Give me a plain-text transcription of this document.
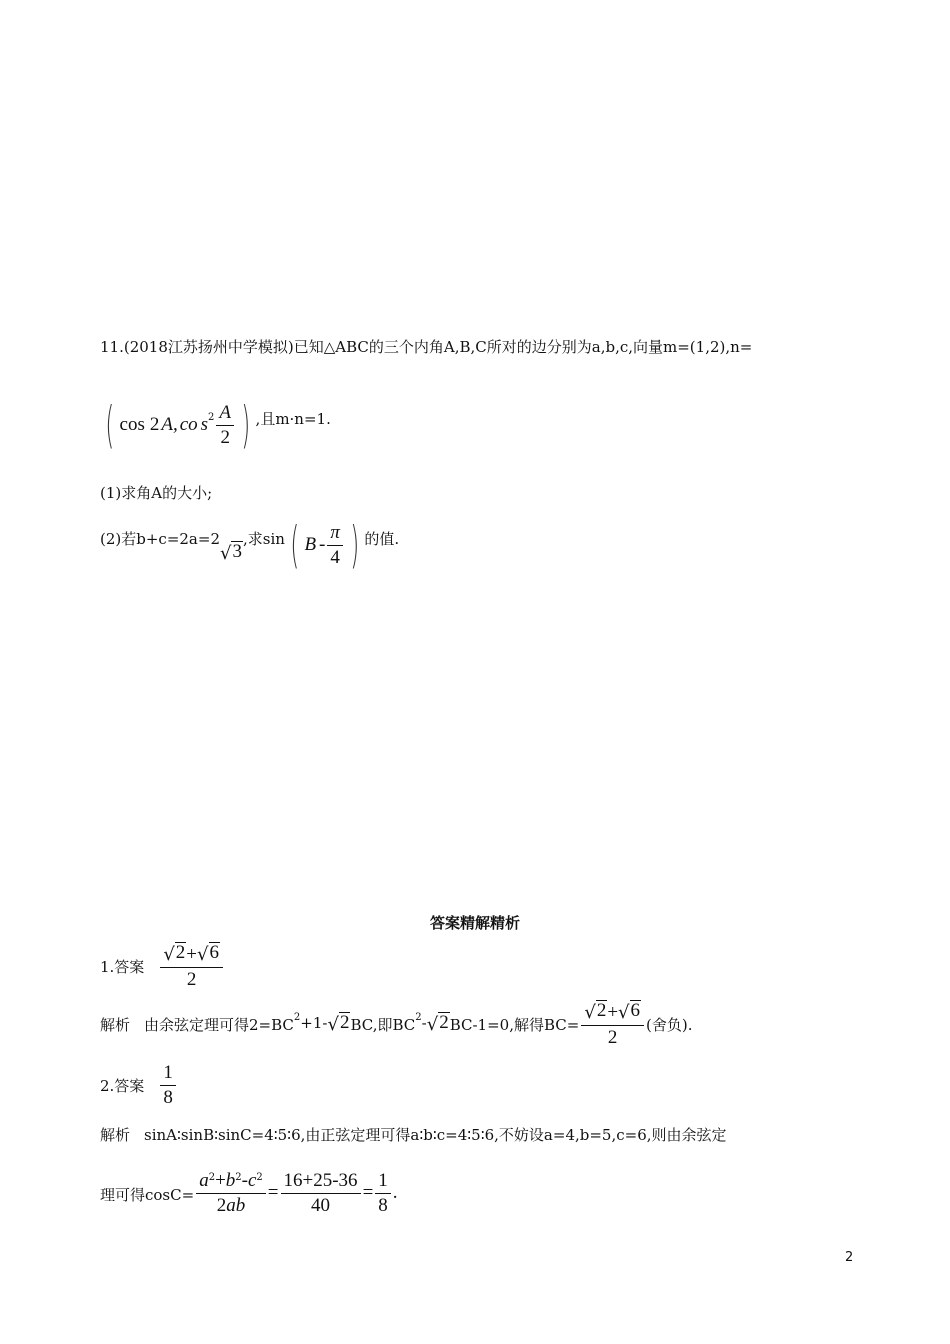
11.(2018江苏扬州中学模拟)已知△ABC的三个内角A,B,C所对的边分别为a,b,c,向量m=(1,2),n=
( cos 2 A , co $s^2 \frac{A}{2}$ ) ,且m·n=1.
(1)求角A的大小;
(2)若b+c=2a=2
√ 3
,求sin ( B - $\frac{\pi}{4}$ ) 的值.
答案精解精析
1.答案 $\frac{√ 2 + √ 6}{2}$
解析 由余弦定理可得$2=BC^2 +1-$ √ 2 BC,即$BC^2$ - √ 2 BC-1=0,解得$BC= \frac{√ 2 + √ 6}{2}$ (舍负).
2.答案 $\frac{1}{8}$
解析 sinA∶sinB∶sinC=4∶5∶6,由正弦定理可得a∶b∶c=4∶5∶6,不妨设a=4,b=5,c=6,则由余弦定
理可得$\cos C= \frac{a^2+b^2-c^2}{2ab} = \frac{16+25-36}{40} = \frac{1}{8}$ .
2
